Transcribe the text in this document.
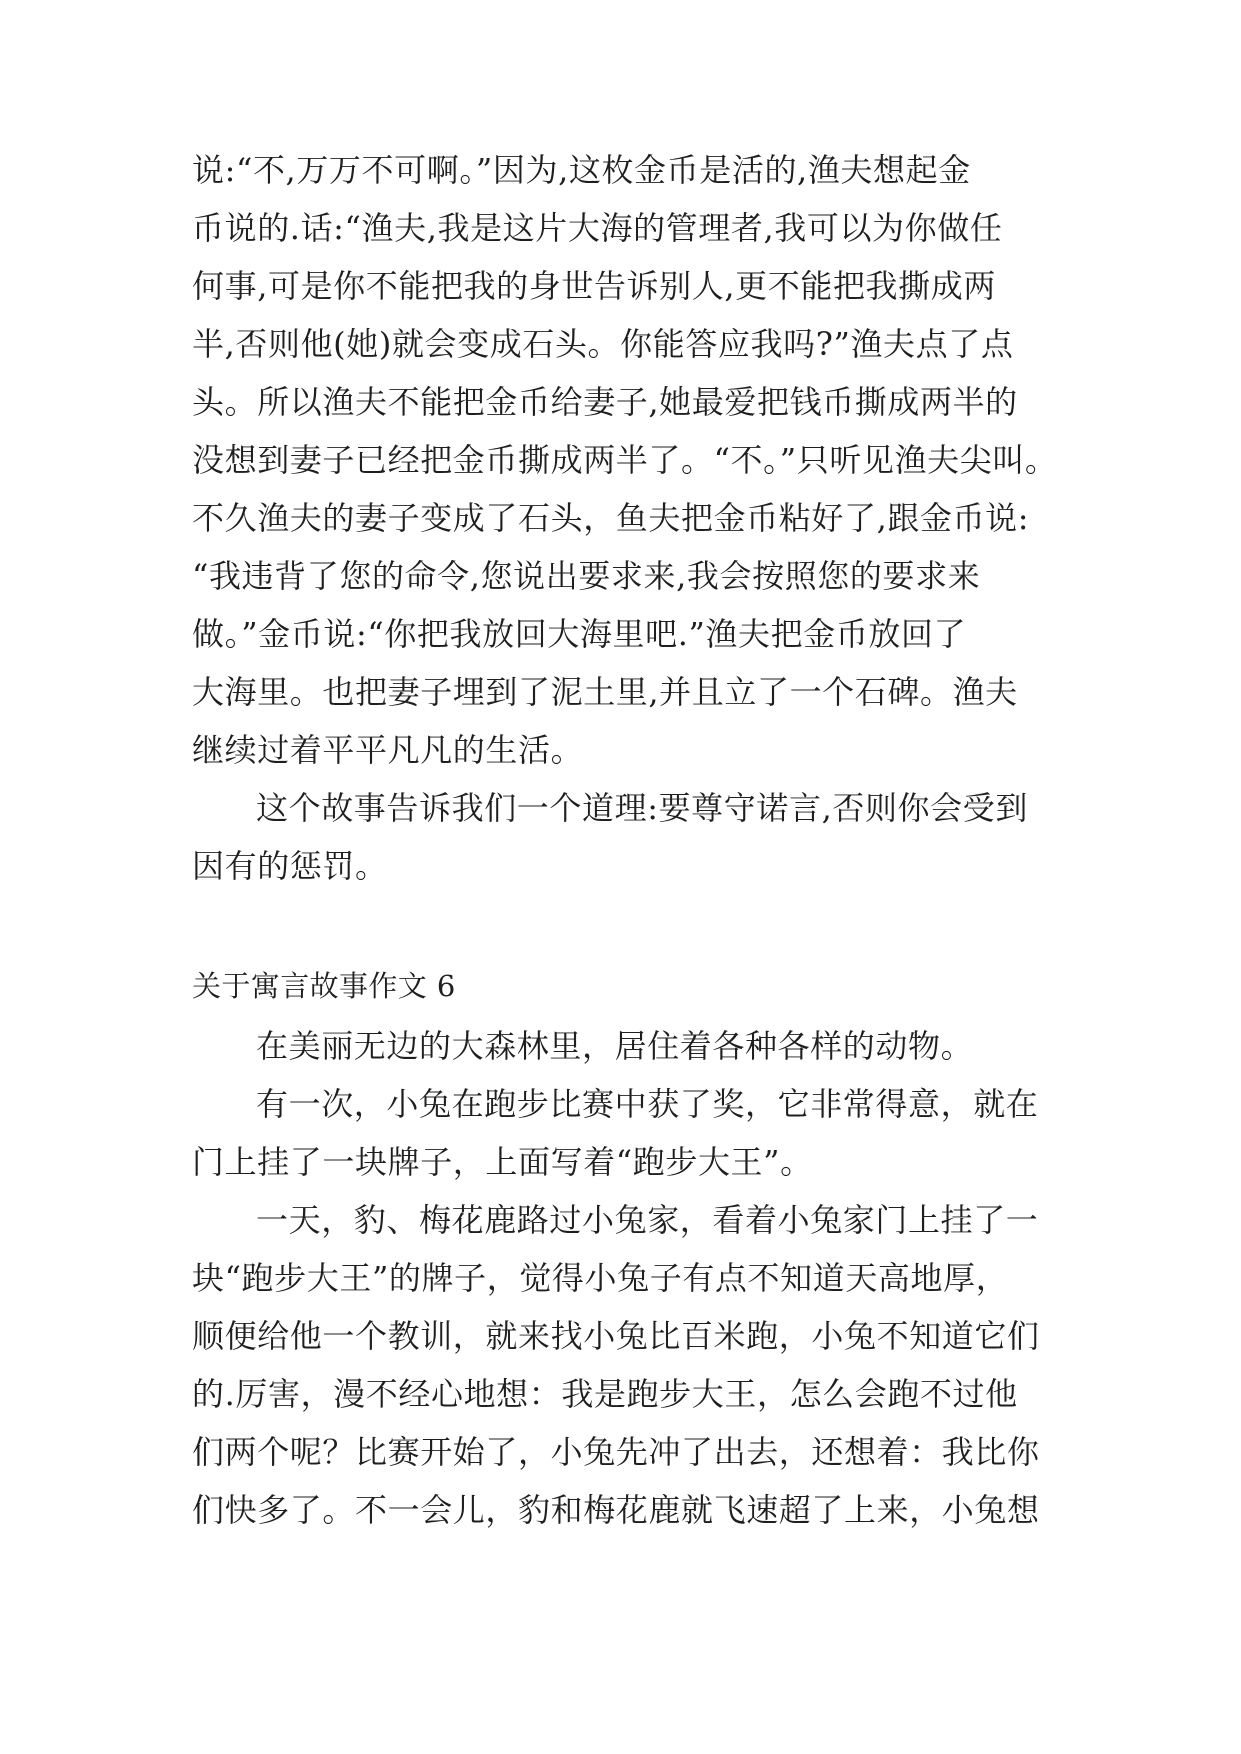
说:“不,万万不可啊。”因为,这枚金币是活的,渔夫想起金
币说的.话:“渔夫,我是这片大海的管理者,我可以为你做任
何事,可是你不能把我的身世告诉别人,更不能把我撕成两
半,否则他(她)就会变成石头。你能答应我吗?”渔夫点了点
头。所以渔夫不能把金币给妻子,她最爱把钱币撕成两半的
没想到妻子已经把金币撕成两半了。“不。”只听见渔夫尖叫。
不久渔夫的妻子变成了石头，鱼夫把金币粘好了,跟金币说:
“我违背了您的命令,您说出要求来,我会按照您的要求来
做。”金币说:“你把我放回大海里吧.”渔夫把金币放回了
大海里。也把妻子埋到了泥土里,并且立了一个石碑。渔夫
继续过着平平凡凡的生活。
这个故事告诉我们一个道理:要尊守诺言,否则你会受到
因有的惩罚。
关于寓言故事作文 6
在美丽无边的大森林里，居住着各种各样的动物。
有一次，小兔在跑步比赛中获了奖，它非常得意，就在
门上挂了一块牌子，上面写着“跑步大王”。
一天，豹、梅花鹿路过小兔家，看着小兔家门上挂了一
块“跑步大王”的牌子，觉得小兔子有点不知道天高地厚，
顺便给他一个教训，就来找小兔比百米跑，小兔不知道它们
的.厉害，漫不经心地想：我是跑步大王，怎么会跑不过他
们两个呢？比赛开始了，小兔先冲了出去，还想着：我比你
们快多了。不一会儿，豹和梅花鹿就飞速超了上来，小兔想
